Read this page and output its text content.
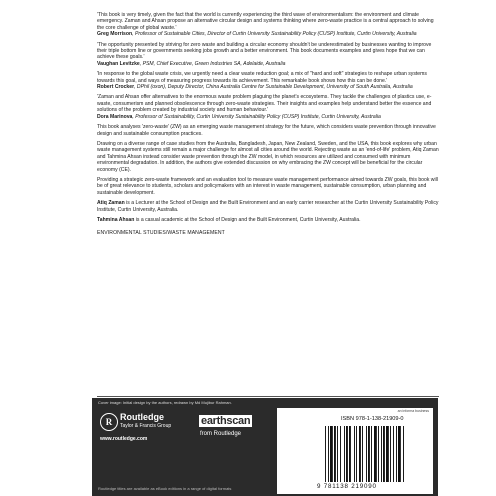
'This book is very timely, given the fact that the world is currently experiencing the third wave of environmentalism: the environment and climate emergency. Zaman and Ahsan propose an alternative circular design and systems thinking where zero-waste practice is a central approach to solving the core challenge of global waste.'
Greg Morrison, Professor of Sustainable Cities, Director of Curtin University Sustainability Policy (CUSP) Institute, Curtin University, Australia
'The opportunity presented by striving for zero waste and building a circular economy shouldn't be underestimated by businesses wanting to improve their triple bottom line or governments seeking jobs growth and a better environment. This book documents examples and gives hope that we can achieve these goals.'
Vaughan Levitzke, PSM, Chief Executive, Green Industries SA, Adelaide, Australia
'In response to the global waste crisis, we urgently need a clear waste reduction goal; a mix of "hard and soft" strategies to reshape urban systems towards this goal, and ways of measuring progress towards its achievement. This remarkable book shows how this can be done.'
Robert Crocker, DPhil (oxon), Deputy Director, China Australia Centre for Sustainable Development, University of South Australia, Australia
'Zaman and Ahsan offer alternatives to the enormous waste problem plaguing the planet's ecosystems. They tackle the challenges of plastics use, e-waste, consumerism and planned obsolescence through zero-waste strategies. Their insights and examples help understand better the essence and solutions of the problem created by industrial society and human behaviour.'
Dora Marinova, Professor of Sustainability, Curtin University Sustainability Policy (CUSP) Institute, Curtin University, Australia

This book analyses 'zero-waste' (ZW) as an emerging waste management strategy for the future, which considers waste prevention through innovative design and sustainable consumption practices.

Drawing on a diverse range of case studies from the Australia, Bangladesh, Japan, New Zealand, Sweden, and the USA, this book explores why urban waste management systems still remain a major challenge for almost all cities around the world. Rejecting waste as an 'end-of-life' problem, Atiq Zaman and Tahmina Ahsan instead consider waste prevention through the ZW model, in which resources are utilized and consumed with minimum environmental degradation. In addition, the authors give extended discussion on why embracing the ZW concept will be beneficial for the circular economy (CE).

Providing a strategic zero-waste framework and an evaluation tool to measure waste management performance aimed towards ZW goals, this book will be of great relevance to students, scholars and policymakers with an interest in waste management, sustainable consumption, urban planning and sustainable development.

Atiq Zaman is a Lecturer at the School of Design and the Built Environment and an early carrier researcher at the Curtin University Sustainability Policy Institute, Curtin University, Australia.

Tahmina Ahsan is a casual academic at the School of Design and the Built Environment, Curtin University, Australia.

ENVIRONMENTAL STUDIES/WASTE MANAGEMENT
Cover image: Initial design by the authors, redrawn by Md Mujibur Rahman.
R Routledge
Taylor & Francis Group
www.routledge.com
earthscan
from Routledge
Routledge titles are available as eBook editions in a range of digital formats
an informa business
ISBN 978-1-138-21909-0
9 781138 219090
